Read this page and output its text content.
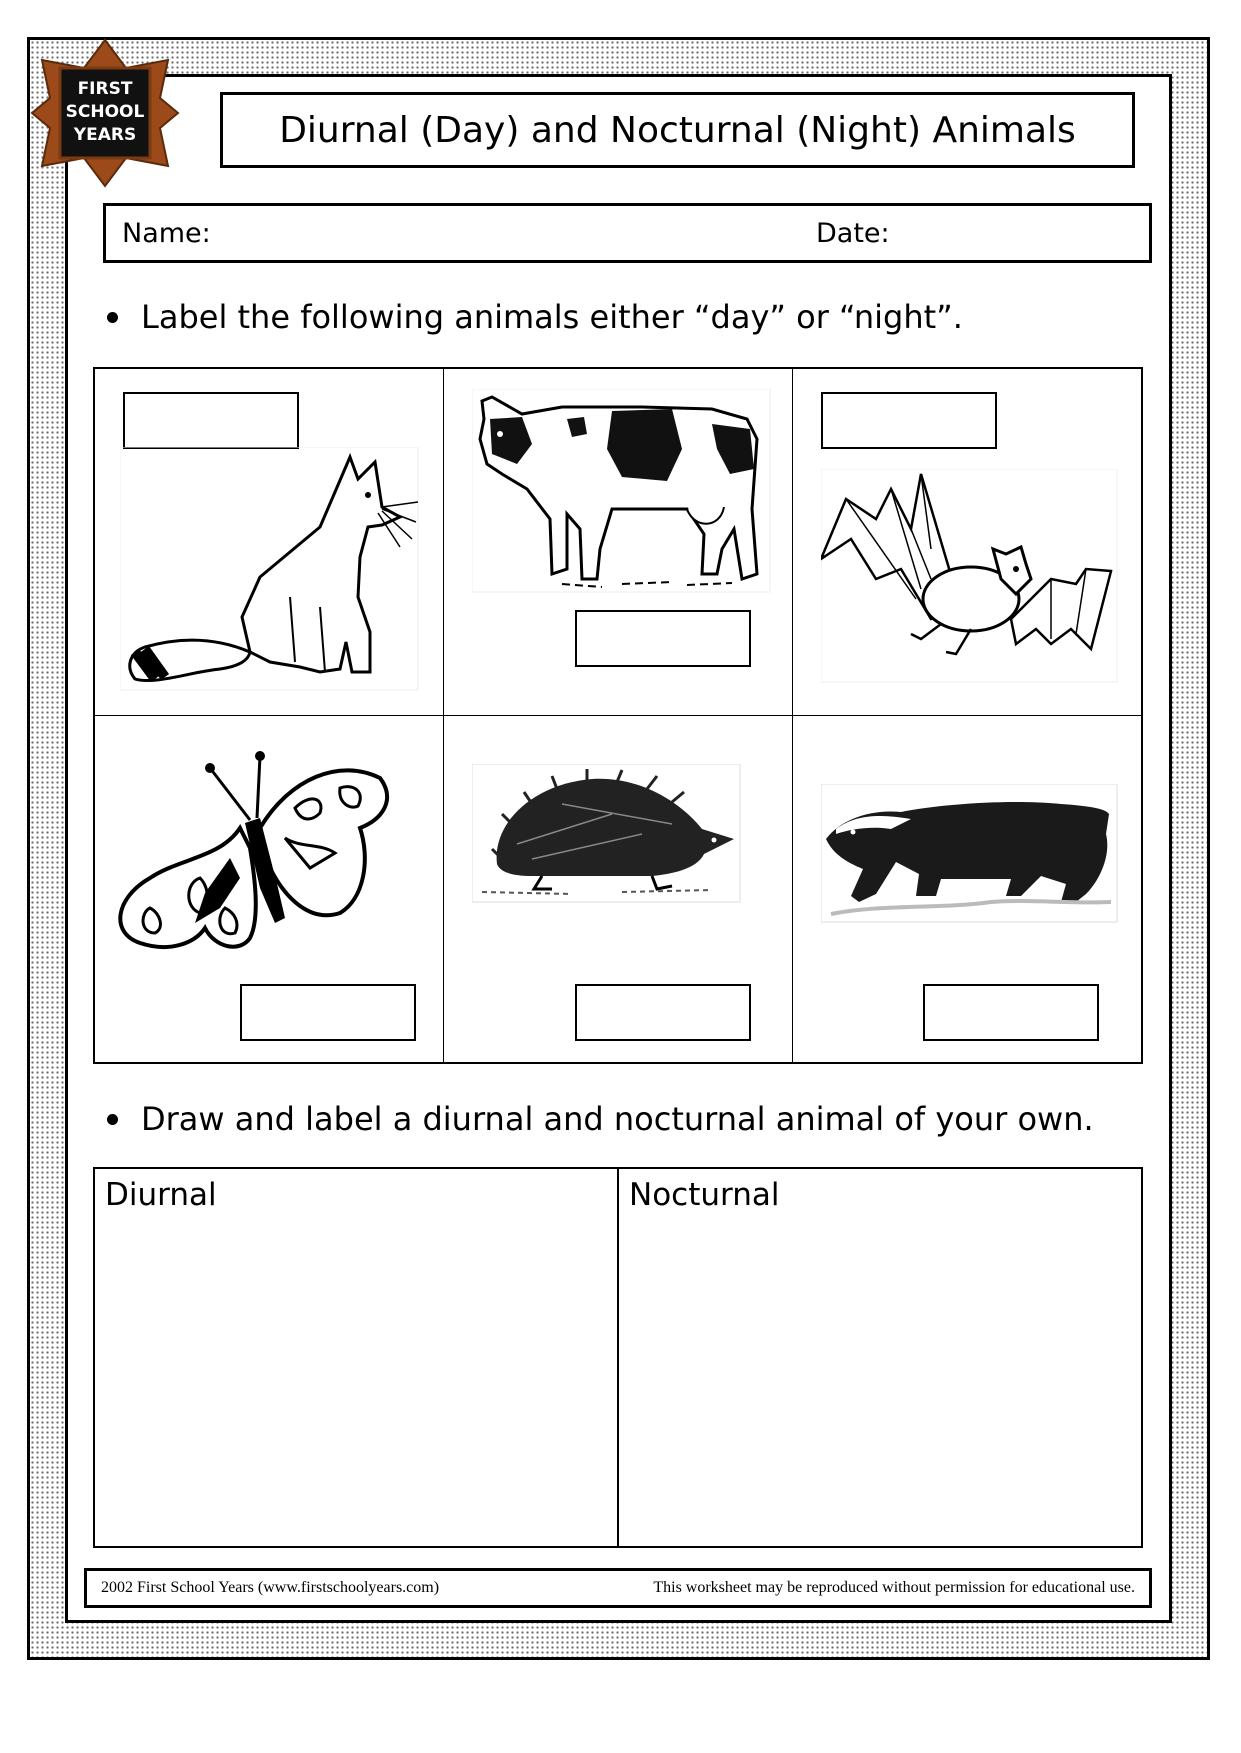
FIRST
SCHOOL
YEARS	Diurnal (Day) and Nocturnal (Night) Animals
Name:	Date:
Label the following animals either “day” or “night”.
Draw and label a diurnal and nocturnal animal of your own.
Diurnal	Nocturnal
2002 First School Years (www.firstschoolyears.com)	This worksheet may be reproduced without permission for educational use.
